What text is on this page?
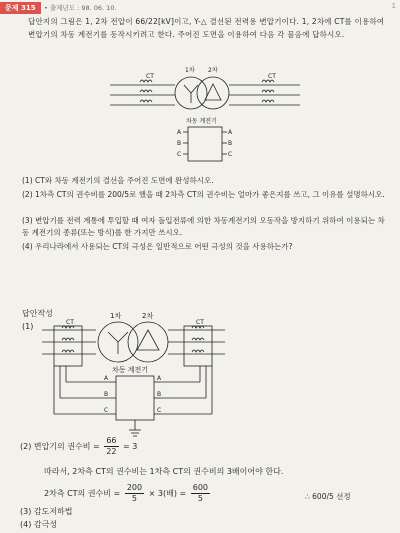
문제 315	• 출제년도 : 98. 06. 10.	1
답안지의 그림은 1, 2차 전압이 66/22[kV]이고, Y-△ 결선된 전력용 변압기이다. 1, 2차에 CT를 이용하여 변압기의 차동 계전기를 동작시키려고 한다. 주어진 도면을 이용하여 다음 각 물음에 답하시오.
CT	CT
1차 2차
차동 계전기
A
B
C
A
B
C
(1) CT와 차동 계전기의 결선을 주어진 도면에 완성하시오.
(2) 1차측 CT의 권수비를 200/5로 했을 때 2차측 CT의 권수비는 얼마가 좋은지를 쓰고, 그 이유를 설명하시오.
(3) 변압기를 전력 계통에 투입할 때 여자 돌입전류에 의한 차동계전기의 오동작을 방지하기 위하여 이용되는 차동 계전기의 종류(또는 방식)를 한 가지만 쓰시오.
(4) 우리나라에서 사용되는 CT의 극성은 일반적으로 어떤 극성의 것을 사용하는가?
답안작성
(1)	CT	CT
1차	2차
차동 계전기
A
B
C
A
B
C
(2) 변압기의 권수비 = $\frac{66}{22} = 3$
따라서, 2차측 CT의 권수비는 1차측 CT의 권수비의 3배이어야 한다.
2차측 CT의 권수비 = $\frac{200}{5} \times 3$(배) = $\frac{600}{5}$	∴ 600/5 선정
(3) 감도저하법
(4) 감극성
